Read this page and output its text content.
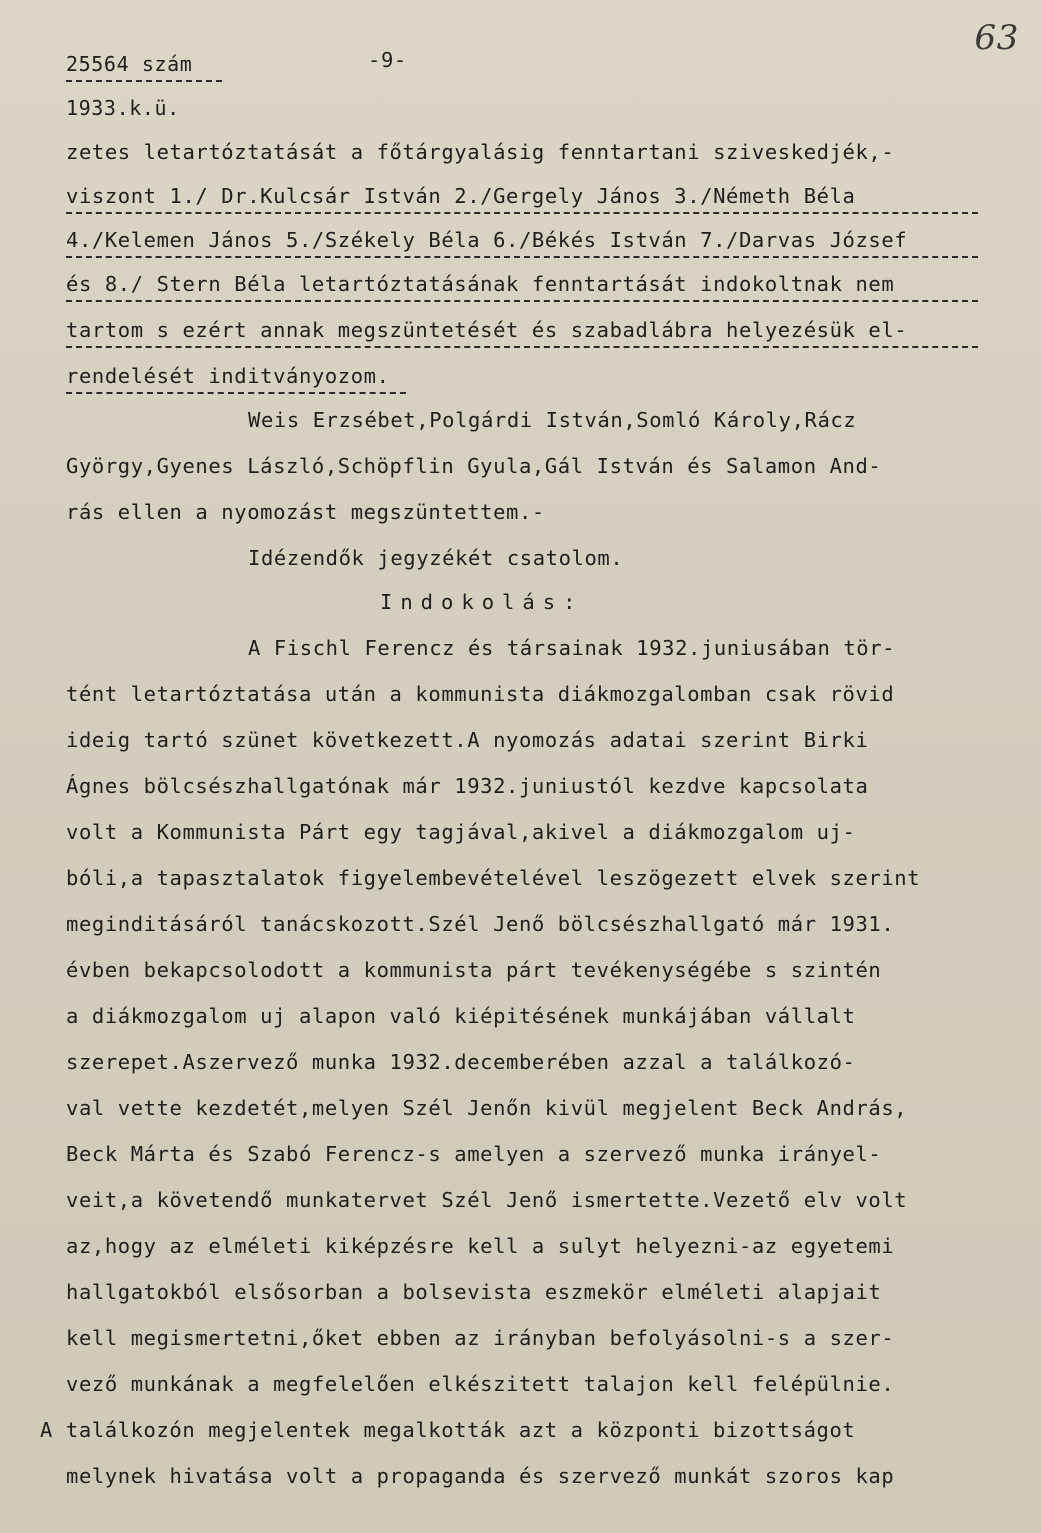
25564 szám	-9-
1933.k.ü.
63
zetes letartóztatását a főtárgyalásig fenntartani sziveskedjék,-
viszont 1./ Dr.Kulcsár István 2./Gergely János 3./Németh Béla
4./Kelemen János 5./Székely Béla 6./Békés István 7./Darvas József
és 8./ Stern Béla letartóztatásának fenntartását indokoltnak nem
tartom s ezért annak megszüntetését és szabadlábra helyezésük el-
rendelését inditványozom.
Weis Erzsébet,Polgárdi István,Somló Károly,Rácz
György,Gyenes László,Schöpflin Gyula,Gál István és Salamon And-
rás ellen a nyomozást megszüntettem.-
Idézendők jegyzékét csatolom.
Indokolás:
A Fischl Ferencz és társainak 1932.juniusában tör-
tént letartóztatása után a kommunista diákmozgalomban csak rövid
ideig tartó szünet következett.A nyomozás adatai szerint Birki
Ágnes bölcsészhallgatónak már 1932.juniustól kezdve kapcsolata
volt a Kommunista Párt egy tagjával,akivel a diákmozgalom uj-
bóli,a tapasztalatok figyelembevételével leszögezett elvek szerint
meginditásáról tanácskozott.Szél Jenő bölcsészhallgató már 1931.
évben bekapcsolodott a kommunista párt tevékenységébe s szintén
a diákmozgalom uj alapon való kiépitésének munkájában vállalt
szerepet.Aszervező munka 1932.decemberében azzal a találkozó-
val vette kezdetét,melyen Szél Jenőn kivül megjelent Beck András,
Beck Márta és Szabó Ferencz-s amelyen a szervező munka irányel-
veit,a követendő munkatervet Szél Jenő ismertette.Vezető elv volt
az,hogy az elméleti kiképzésre kell a sulyt helyezni-az egyetemi
hallgatokból elsősorban a bolsevista eszmekör elméleti alapjait
kell megismertetni,őket ebben az irányban befolyásolni-s a szer-
vező munkának a megfelelően elkészitett talajon kell felépülnie.
A találkozón megjelentek megalkották azt a központi bizottságot
melynek hivatása volt a propaganda és szervező munkát szoros kap
